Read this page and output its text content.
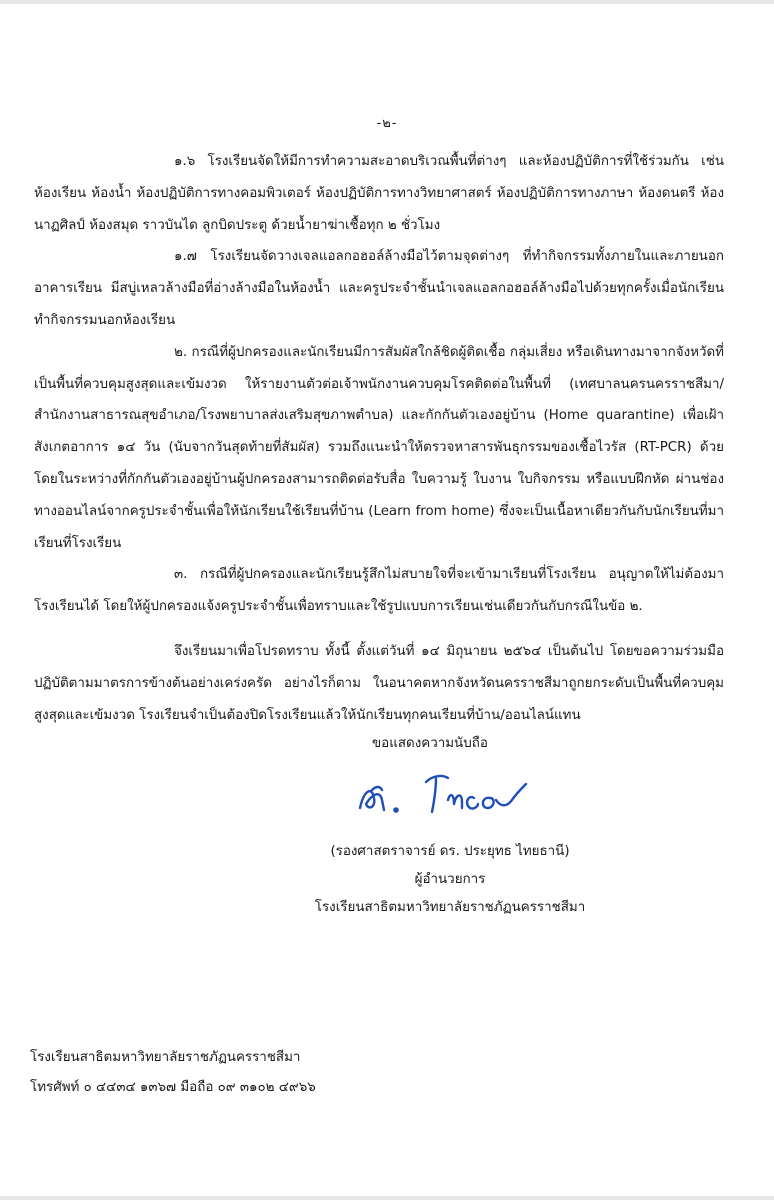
-๒-

๑.๖ โรงเรียนจัดให้มีการทำความสะอาดบริเวณพื้นที่ต่างๆ และห้องปฏิบัติการที่ใช้ร่วมกัน เช่น ห้องเรียน ห้องน้ำ ห้องปฏิบัติการทางคอมพิวเตอร์ ห้องปฏิบัติการทางวิทยาศาสตร์ ห้องปฏิบัติการทางภาษา ห้องดนตรี ห้องนาฏศิลป์ ห้องสมุด ราวบันได ลูกบิดประตู ด้วยน้ำยาฆ่าเชื้อทุก ๒ ชั่วโมง

๑.๗ โรงเรียนจัดวางเจลแอลกอฮอล์ล้างมือไว้ตามจุดต่างๆ ที่ทำกิจกรรมทั้งภายในและภายนอกอาคารเรียน มีสบู่เหลวล้างมือที่อ่างล้างมือในห้องน้ำ และครูประจำชั้นนำเจลแอลกอฮอล์ล้างมือไปด้วยทุกครั้งเมื่อนักเรียนทำกิจกรรมนอกห้องเรียน

๒. กรณีที่ผู้ปกครองและนักเรียนมีการสัมผัสใกล้ชิดผู้ติดเชื้อ กลุ่มเสี่ยง หรือเดินทางมาจากจังหวัดที่เป็นพื้นที่ควบคุมสูงสุดและเข้มงวด ให้รายงานตัวต่อเจ้าพนักงานควบคุมโรคติดต่อในพื้นที่ (เทศบาลนครนครราชสีมา/สำนักงานสาธารณสุขอำเภอ/โรงพยาบาลส่งเสริมสุขภาพตำบล) และกักกันตัวเองอยู่บ้าน (Home quarantine) เพื่อเฝ้าสังเกตอาการ ๑๔ วัน (นับจากวันสุดท้ายที่สัมผัส) รวมถึงแนะนำให้ตรวจหาสารพันธุกรรมของเชื้อไวรัส (RT-PCR) ด้วย โดยในระหว่างที่กักกันตัวเองอยู่บ้านผู้ปกครองสามารถติดต่อรับสื่อ ใบความรู้ ใบงาน ใบกิจกรรม หรือแบบฝึกหัด ผ่านช่องทางออนไลน์จากครูประจำชั้นเพื่อให้นักเรียนใช้เรียนที่บ้าน (Learn from home) ซึ่งจะเป็นเนื้อหาเดียวกันกับนักเรียนที่มาเรียนที่โรงเรียน

๓. กรณีที่ผู้ปกครองและนักเรียนรู้สึกไม่สบายใจที่จะเข้ามาเรียนที่โรงเรียน อนุญาตให้ไม่ต้องมาโรงเรียนได้ โดยให้ผู้ปกครองแจ้งครูประจำชั้นเพื่อทราบและใช้รูปแบบการเรียนเช่นเดียวกันกับกรณีในข้อ ๒.

จึงเรียนมาเพื่อโปรดทราบ ทั้งนี้ ตั้งแต่วันที่ ๑๔ มิถุนายน ๒๕๖๔ เป็นต้นไป โดยขอความร่วมมือปฏิบัติตามมาตรการข้างต้นอย่างเคร่งครัด อย่างไรก็ตาม ในอนาคตหากจังหวัดนครราชสีมาถูกยกระดับเป็นพื้นที่ควบคุมสูงสุดและเข้มงวด โรงเรียนจำเป็นต้องปิดโรงเรียนแล้วให้นักเรียนทุกคนเรียนที่บ้าน/ออนไลน์แทน

ขอแสดงความนับถือ
(รองศาสตราจารย์ ดร. ประยุทธ ไทยธานี)
ผู้อำนวยการ
โรงเรียนสาธิตมหาวิทยาลัยราชภัฏนครราชสีมา
โรงเรียนสาธิตมหาวิทยาลัยราชภัฏนครราชสีมา
โทรศัพท์ ๐ ๔๔๓๔ ๑๓๖๗ มือถือ ๐๙ ๓๑๐๒ ๔๙๖๖
